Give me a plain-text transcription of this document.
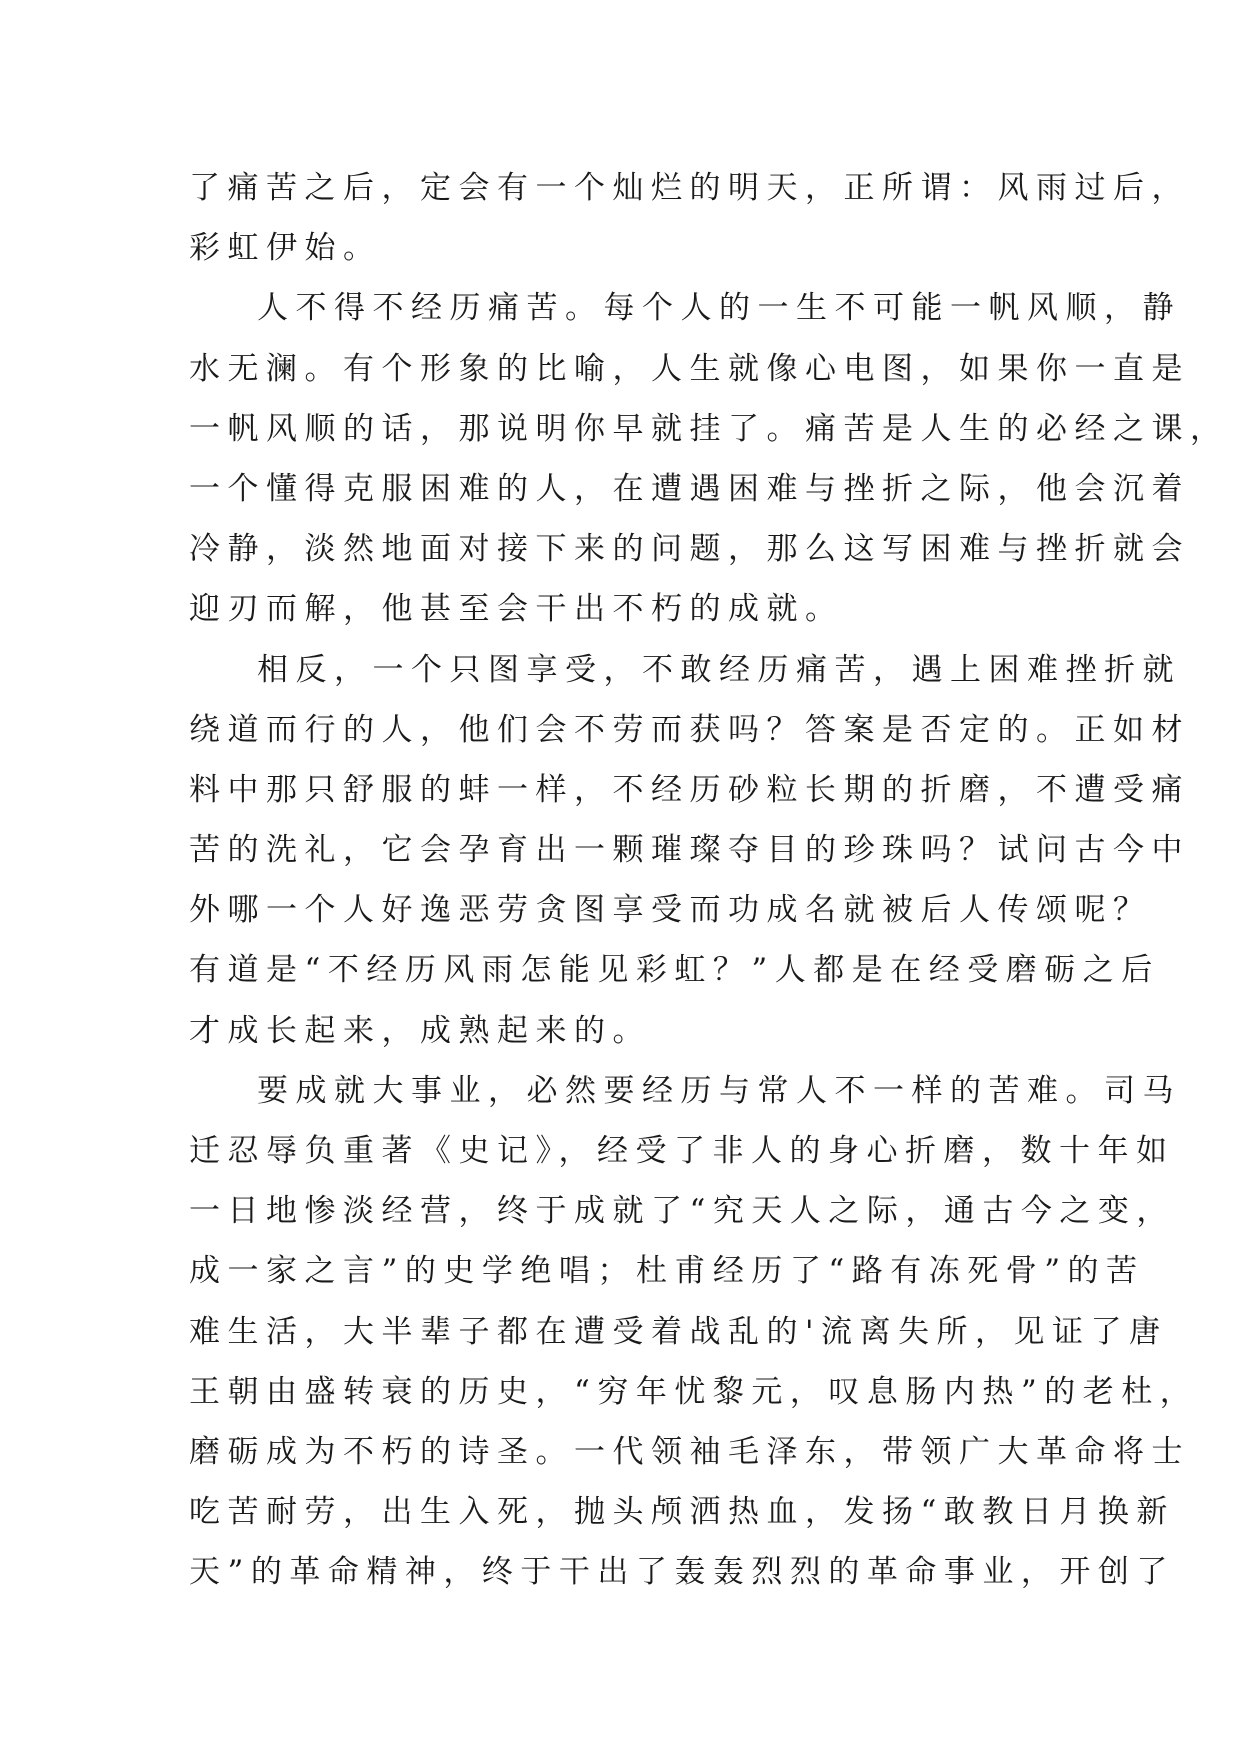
了痛苦之后，定会有一个灿烂的明天，正所谓：风雨过后，
彩虹伊始。
人不得不经历痛苦。每个人的一生不可能一帆风顺，静
水无澜。有个形象的比喻，人生就像心电图，如果你一直是
一帆风顺的话，那说明你早就挂了。痛苦是人生的必经之课，
一个懂得克服困难的人，在遭遇困难与挫折之际，他会沉着
冷静，淡然地面对接下来的问题，那么这写困难与挫折就会
迎刃而解，他甚至会干出不朽的成就。
相反，一个只图享受，不敢经历痛苦，遇上困难挫折就
绕道而行的人，他们会不劳而获吗？答案是否定的。正如材
料中那只舒服的蚌一样，不经历砂粒长期的折磨，不遭受痛
苦的洗礼，它会孕育出一颗璀璨夺目的珍珠吗？试问古今中
外哪一个人好逸恶劳贪图享受而功成名就被后人传颂呢？
有道是“不经历风雨怎能见彩虹？”人都是在经受磨砺之后
才成长起来，成熟起来的。
要成就大事业，必然要经历与常人不一样的苦难。司马
迁忍辱负重著《史记》，经受了非人的身心折磨，数十年如
一日地惨淡经营，终于成就了“究天人之际，通古今之变，
成一家之言”的史学绝唱；杜甫经历了“路有冻死骨”的苦
难生活，大半辈子都在遭受着战乱的'流离失所，见证了唐
王朝由盛转衰的历史，“穷年忧黎元，叹息肠内热”的老杜，
磨砺成为不朽的诗圣。一代领袖毛泽东，带领广大革命将士
吃苦耐劳，出生入死，抛头颅洒热血，发扬“敢教日月换新
天”的革命精神，终于干出了轰轰烈烈的革命事业，开创了
